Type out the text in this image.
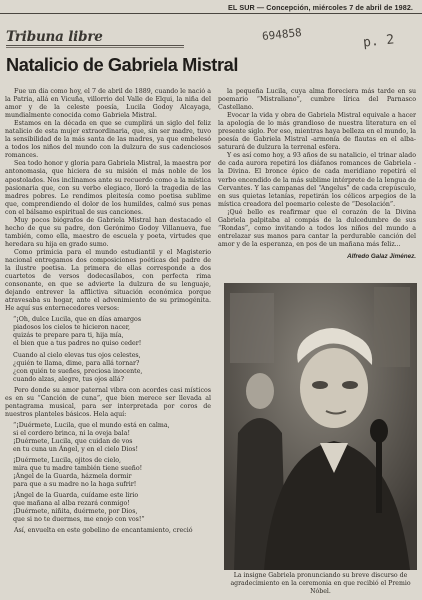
EL SUR — Concepción, miércoles 7 de abril de 1982.
Tribuna libre	694858	p. 2
Natalicio de Gabriela Mistral

Fue un día como hoy, el 7 de abril de 1889, cuando le nació a la Patria, allá en Vicuña, villorrio del Valle de Elqui, la niña del amor y de la celeste poesía, Lucila Godoy Alcayaga, mundialmente conocida como Gabriela Mistral.

Estamos en la década en que se cumplirá un siglo del feliz natalicio de esta mujer extraordinaria, que, sin ser madre, tuvo la sensibilidad de la más santa de las madres, ya que embelesó a todos los niños del mundo con la dulzura de sus cadenciosos romances.

Sea todo honor y gloria para Gabriela Mistral, la maestra por antonomasia, que hiciera de su misión el más noble de los apostolados. Nos inclinamos ante su recuerdo como a la mística pasionaria que, con su verbo elegiaco, lloró la tragedia de las madres pobres. Le rendimos pleitesía como poetisa sublime que, comprendiendo el dolor de los humildes, calmó sus penas con el bálsamo espiritual de sus canciones.

Muy pocos biógrafos de Gabriela Mistral han destacado el hecho de que su padre, don Gerónimo Godoy Villanueva, fue también, como ella, maestro de escuela y poeta, virtudes que heredara su hija en grado sumo.

Como primicia para el mundo estudiantil y el Magisterio nacional entregamos dos composiciones poéticas del padre de la ilustre poetisa. La primera de ellas corresponde a dos cuartetos de versos dodecasílabos, con perfecta rima consonante, en que se advierte la dulzura de su lenguaje, dejando entrever la afflictiva situación económica porque atravesaba su hogar, ante el advenimiento de su primogénita. He aquí sus enternecedores versos:

“¡Oh, dulce Lucila, que en días amargos
piadosos los cielos te hicieron nacer,
quizás te prepare para ti, hija mía,
el bien que a tus padres no quiso ceder!

Cuando al cielo elevas tus ojos celestes,
¿quién te llama, dime, para allá tornar?
¿con quién te sueñes, preciosa inocente,
cuando alzas, alegre, tus ojos allá?

Pero donde su amor paternal vibra con acordes casi místicos es en su “Canción de cuna”, que bien merece ser llevada al pentagrama musical, para ser interpretada por coros de nuestros planteles básicos. Hela aquí:

“¡Duérmete, Lucila, que el mundo está en calma,
si el cordero brinca, ni la oveja bala!
¡Duérmete, Lucila, que cuidan de vos
en tu cuna un Ángel, y en el cielo Dios!

¡Duérmete, Lucila, ojitos de cielo,
mira que tu madre también tiene sueño!
¡Ángel de la Guarda, házmela dormir
para que a su madre no la haga sufrir!

¡Ángel de la Guarda, cuídame este lirio
que mañana al alba rezará conmigo!
¡Duérmete, niñita, duérmete, por Dios,
que si no te duermes, me enojo con vos!”

Así, envuelta en este gobelino de encantamiento, creció

la pequeña Lucila, cuya alma floreciera más tarde en su poemario “Mistraliano”, cumbre lírica del Parnasco Castellano.

Evocar la vida y obra de Gabriela Mistral equivale a hacer la apología de lo más grandioso de nuestra literatura en el presente siglo. Por eso, mientras haya belleza en el mundo, la poesía de Gabriela Mistral -armonía de flautas en el alba- saturará de dulzura la terrenal esfera.

Y es así como hoy, a 93 años de su natalicio, el trinar alado de cada aurora repetirá los diáfanos romances de Gabriela -la Divina. El bronce épico de cada meridiano repetirá el verbo encendido de la más sublime intérprete de la lengua de Cervantes. Y las campanas del “Angelus” de cada crepúsculo, en sus quietas letanías, repetirán los célicos arpegios de la mística creadora del poemario celeste de “Desolación”.

¡Qué bello es reafirmar que el corazón de la Divina Gabriela palpitaba al compás de la dulcedumbre de sus “Rondas”, como invitando a todos los niños del mundo a entrelazar sus manos para cantar la perdurable canción del amor y de la esperanza, en pos de un mañana más feliz...

Alfredo Galaz Jiménez.
La insigne Gabriela pronunciando su breve discurso de agradecimiento en la ceremonia en que recibió el Premio Nóbel.
